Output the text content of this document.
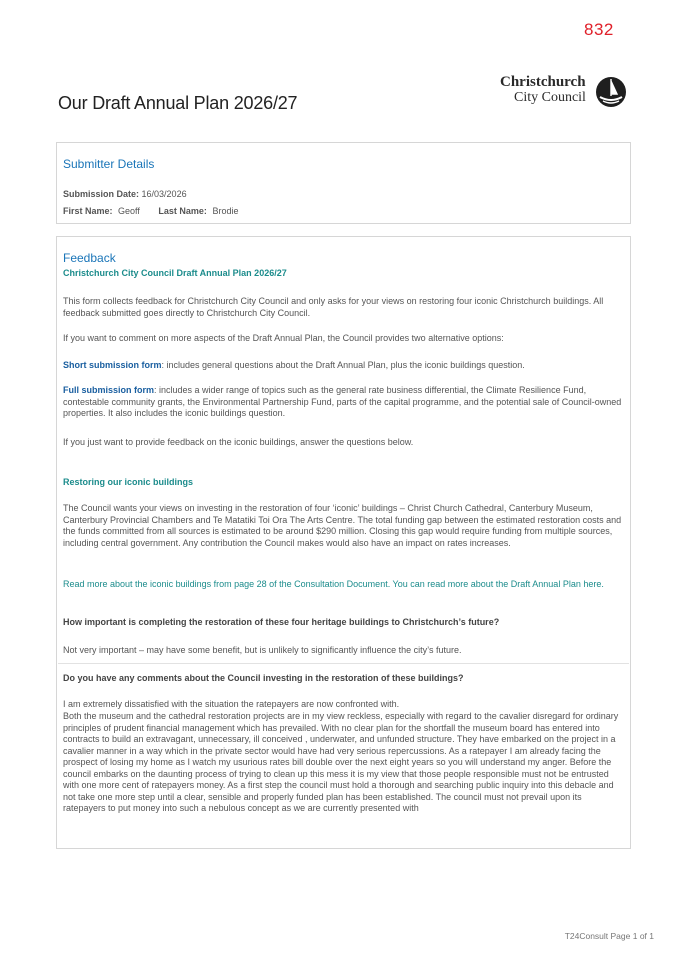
832
Our Draft Annual Plan 2026/27
Christchurch
City Council
Submitter Details
Submission Date: 16/03/2026
First Name: Geoff Last Name: Brodie
Feedback
Christchurch City Council Draft Annual Plan 2026/27

This form collects feedback for Christchurch City Council and only asks for your views on restoring four iconic Christchurch buildings. All feedback submitted goes directly to Christchurch City Council.

If you want to comment on more aspects of the Draft Annual Plan, the Council provides two alternative options:

Short submission form: includes general questions about the Draft Annual Plan, plus the iconic buildings question.

Full submission form: includes a wider range of topics such as the general rate business differential, the Climate Resilience Fund, contestable community grants, the Environmental Partnership Fund, parts of the capital programme, and the potential sale of Council-owned properties. It also includes the iconic buildings question.

If you just want to provide feedback on the iconic buildings, answer the questions below.

Restoring our iconic buildings

The Council wants your views on investing in the restoration of four ‘iconic’ buildings – Christ Church Cathedral, Canterbury Museum, Canterbury Provincial Chambers and Te Matatiki Toi Ora The Arts Centre. The total funding gap between the estimated restoration costs and the funds committed from all sources is estimated to be around $290 million. Closing this gap would require funding from multiple sources, including central government. Any contribution the Council makes would also have an impact on rates increases.

Read more about the iconic buildings from page 28 of the Consultation Document. You can read more about the Draft Annual Plan here.

How important is completing the restoration of these four heritage buildings to Christchurch’s future?
Not very important – may have some benefit, but is unlikely to significantly influence the city’s future.
Do you have any comments about the Council investing in the restoration of these buildings?

I am extremely dissatisfied with the situation the ratepayers are now confronted with.

Both the museum and the cathedral restoration projects are in my view reckless, especially with regard to the cavalier disregard for ordinary principles of prudent financial management which has prevailed. With no clear plan for the shortfall the museum board has entered into contracts to build an extravagant, unnecessary, ill conceived , underwater, and unfunded structure. They have embarked on the project in a cavalier manner in a way which in the private sector would have had very serious repercussions. As a ratepayer I am already facing the prospect of losing my home as I watch my usurious rates bill double over the next eight years so you will understand my anger. Before the council embarks on the daunting process of trying to clean up this mess it is my view that those people responsible must not be entrusted with one more cent of ratepayers money. As a first step the council must hold a thorough and searching public inquiry into this debacle and not take one more step until a clear, sensible and properly funded plan has been established. The council must not prevail upon its ratepayers to put money into such a nebulous concept as we are currently presented with

T24Consult Page 1 of 1
